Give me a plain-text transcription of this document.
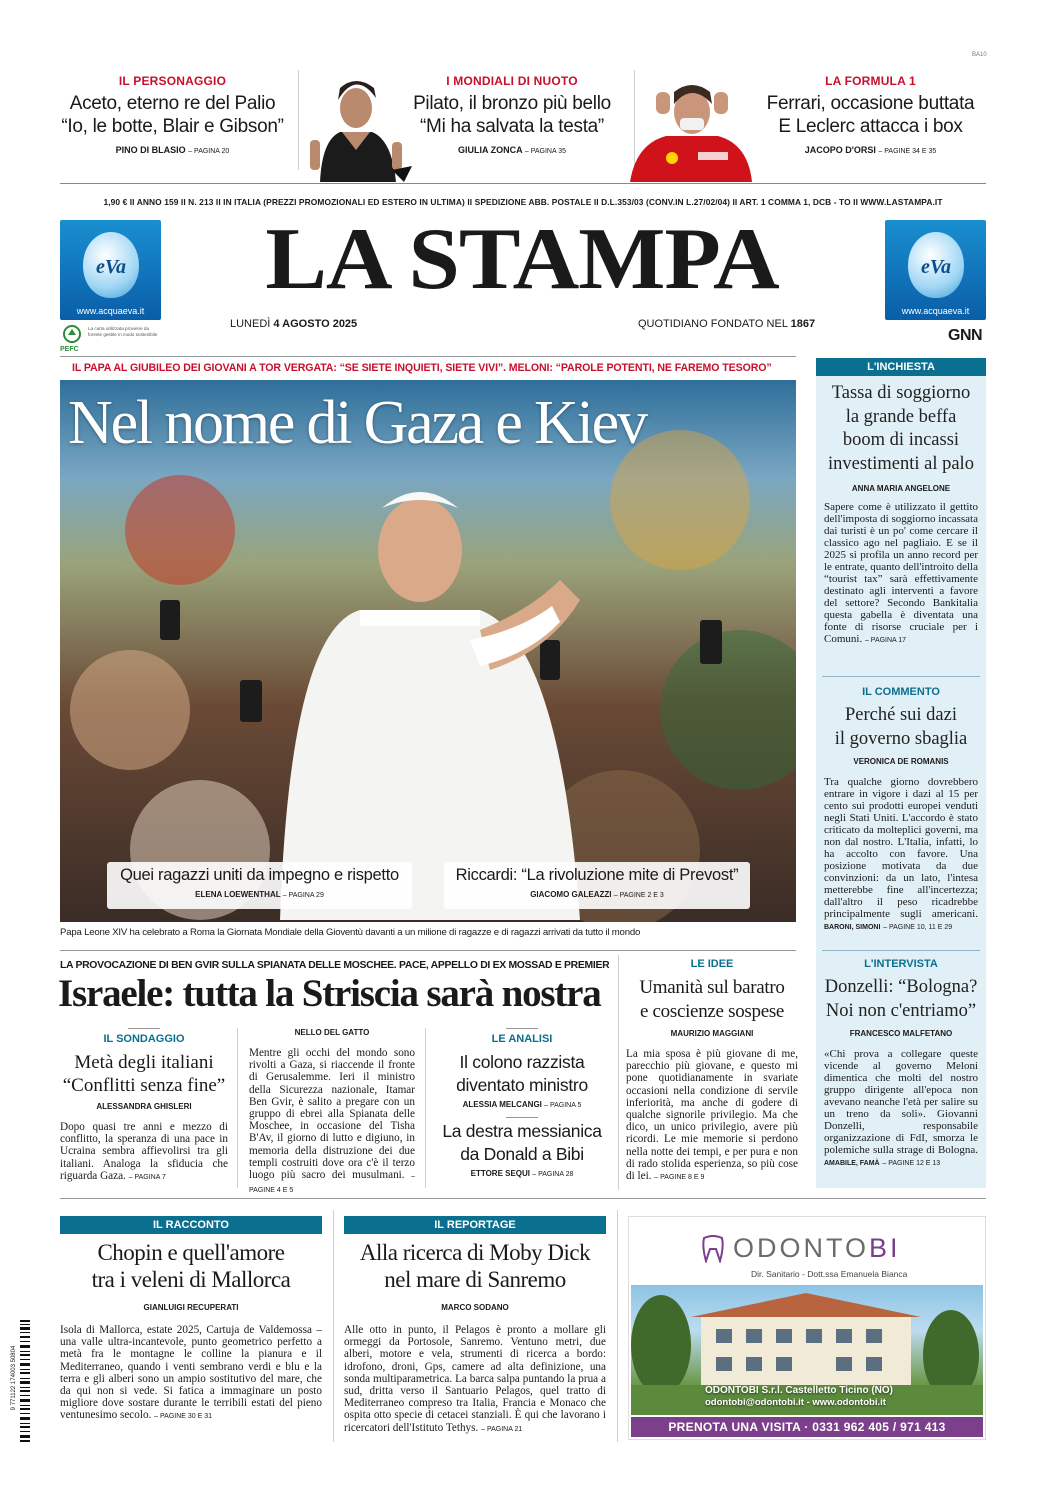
BA10
IL PERSONAGGIO
Aceto, eterno re del Palio
“Io, le botte, Blair e Gibson”
PINO DI BLASIO – PAGINA 20
I MONDIALI DI NUOTO
Pilato, il bronzo più bello
“Mi ha salvata la testa”
GIULIA ZONCA – PAGINA 35
LA FORMULA 1
Ferrari, occasione buttata
E Leclerc attacca i box
JACOPO D'ORSI – PAGINE 34 E 35
1,90 € II ANNO 159 II N. 213 II IN ITALIA (PREZZI PROMOZIONALI ED ESTERO IN ULTIMA) II SPEDIZIONE ABB. POSTALE II D.L.353/03 (CONV.IN L.27/02/04) II ART. 1 COMMA 1, DCB - TO II WWW.LASTAMPA.IT
eVa
www.acquaeva.it
PEFC
La carta utilizzata proviene da foreste gestite in modo sostenibile
LA STAMPA
LUNEDÌ 4 AGOSTO 2025	QUOTIDIANO FONDATO NEL 1867
eVa
www.acquaeva.it
GNN
IL PAPA AL GIUBILEO DEI GIOVANI A TOR VERGATA: “SE SIETE INQUIETI, SIETE VIVI”. MELONI: “PAROLE POTENTI, NE FAREMO TESORO”
Nel nome di Gaza e Kiev
Quei ragazzi uniti da impegno e rispetto
ELENA LOEWENTHAL – PAGINA 29
Riccardi: “La rivoluzione mite di Prevost”
GIACOMO GALEAZZI – PAGINE 2 E 3
Papa Leone XIV ha celebrato a Roma la Giornata Mondiale della Gioventù davanti a un milione di ragazze e di ragazzi arrivati da tutto il mondo
L'INCHIESTA
Tassa di soggiorno
la grande beffa
boom di incassi
investimenti al palo
ANNA MARIA ANGELONE
Sapere come è utilizzato il gettito dell'imposta di soggiorno incassata dai turisti è un po' come cercare il classico ago nel pagliaio. E se il 2025 si profila un anno record per le entrate, quanto dell'introito della “tourist tax” sarà effettivamente destinato agli interventi a favore del settore? Secondo Bankitalia questa gabella è diventata una fonte di risorse cruciale per i Comuni. – PAGINA 17
IL COMMENTO
Perché sui dazi
il governo sbaglia
VERONICA DE ROMANIS
Tra qualche giorno dovrebbero entrare in vigore i dazi al 15 per cento sui prodotti europei venduti negli Stati Uniti. L'accordo è stato criticato da molteplici governi, ma non dal nostro. L'Italia, infatti, lo ha accolto con favore. Una posizione motivata da due convinzioni: da un lato, l'intesa metterebbe fine all'incertezza; dall'altro il peso ricadrebbe principalmente sugli americani. BARONI, SIMONI – PAGINE 10, 11 E 29
L'INTERVISTA
Donzelli: “Bologna?
Noi non c'entriamo”
FRANCESCO MALFETANO
«Chi prova a collegare queste vicende al governo Meloni dimentica che molti del nostro gruppo dirigente all'epoca non avevano neanche l'età per salire su un treno da soli». Giovanni Donzelli, responsabile organizzazione di FdI, smorza le polemiche sulla strage di Bologna. AMABILE, FAMÀ – PAGINE 12 E 13
LA PROVOCAZIONE DI BEN GVIR SULLA SPIANATA DELLE MOSCHEE. PACE, APPELLO DI EX MOSSAD E PREMIER
Israele: tutta la Striscia sarà nostra
IL SONDAGGIO
Metà degli italiani
“Conflitti senza fine”
ALESSANDRA GHISLERI
Dopo quasi tre anni e mezzo di conflitto, la speranza di una pace in Ucraina sembra affievolirsi tra gli italiani. Analoga la sfiducia che riguarda Gaza. – PAGINA 7
NELLO DEL GATTO
Mentre gli occhi del mondo sono rivolti a Gaza, si riaccende il fronte di Gerusalemme. Ieri il ministro della Sicurezza nazionale, Itamar Ben Gvir, è salito a pregare con un gruppo di ebrei alla Spianata delle Moschee, in occasione del Tisha B'Av, il giorno di lutto e digiuno, in memoria della distruzione dei due templi costruiti dove ora c'è il terzo luogo più sacro dei musulmani. – PAGINE 4 E 5
LE ANALISI
Il colono razzista
diventato ministro
ALESSIA MELCANGI – PAGINA 5
La destra messianica
da Donald a Bibi
ETTORE SEQUI – PAGINA 28
LE IDEE
Umanità sul baratro
e coscienze sospese
MAURIZIO MAGGIANI
La mia sposa è più giovane di me, parecchio più giovane, e questo mi pone quotidianamente in svariate occasioni nella condizione di servile inferiorità, ma anche di godere di qualche signorile privilegio. Ma che dico, un unico privilegio, avere più ricordi. Le mie memorie si perdono nella notte dei tempi, e per pura e non di rado stolida esperienza, so più cose di lei. – PAGINE 8 E 9
9 771122 174003 50804
IL RACCONTO
Chopin e quell'amore
tra i veleni di Mallorca
GIANLUIGI RECUPERATI
Isola di Mallorca, estate 2025, Cartuja de Valdemossa – una valle ultra-incantevole, punto geometrico perfetto a metà fra le montagne le colline la pianura e il Mediterraneo, quando i venti sembrano verdi e blu e la terra e gli alberi sono un ampio sostitutivo del mare, che da qui non si vede. Si fatica a immaginare un posto migliore dove sostare durante le terribili estati del pieno ventunesimo secolo. – PAGINE 30 E 31
IL REPORTAGE
Alla ricerca di Moby Dick
nel mare di Sanremo
MARCO SODANO
Alle otto in punto, il Pelagos è pronto a mollare gli ormeggi da Portosole, Sanremo. Ventuno metri, due alberi, motore e vela, strumenti di ricerca a bordo: idrofono, droni, Gps, camere ad alta definizione, una sonda multiparametrica. La barca salpa puntando la prua a sud, dritta verso il Santuario Pelagos, quel tratto di Mediterraneo compreso tra Italia, Francia e Monaco che ospita otto specie di cetacei stanziali. È qui che lavorano i ricercatori dell'Istituto Tethys. – PAGINA 21
ODONTOBI
Dir. Sanitario - Dott.ssa Emanuela Bianca
ODONTOBI S.r.l. Castelletto Ticino (NO)
odontobi@odontobi.it - www.odontobi.it
PRENOTA UNA VISITA · 0331 962 405 / 971 413
